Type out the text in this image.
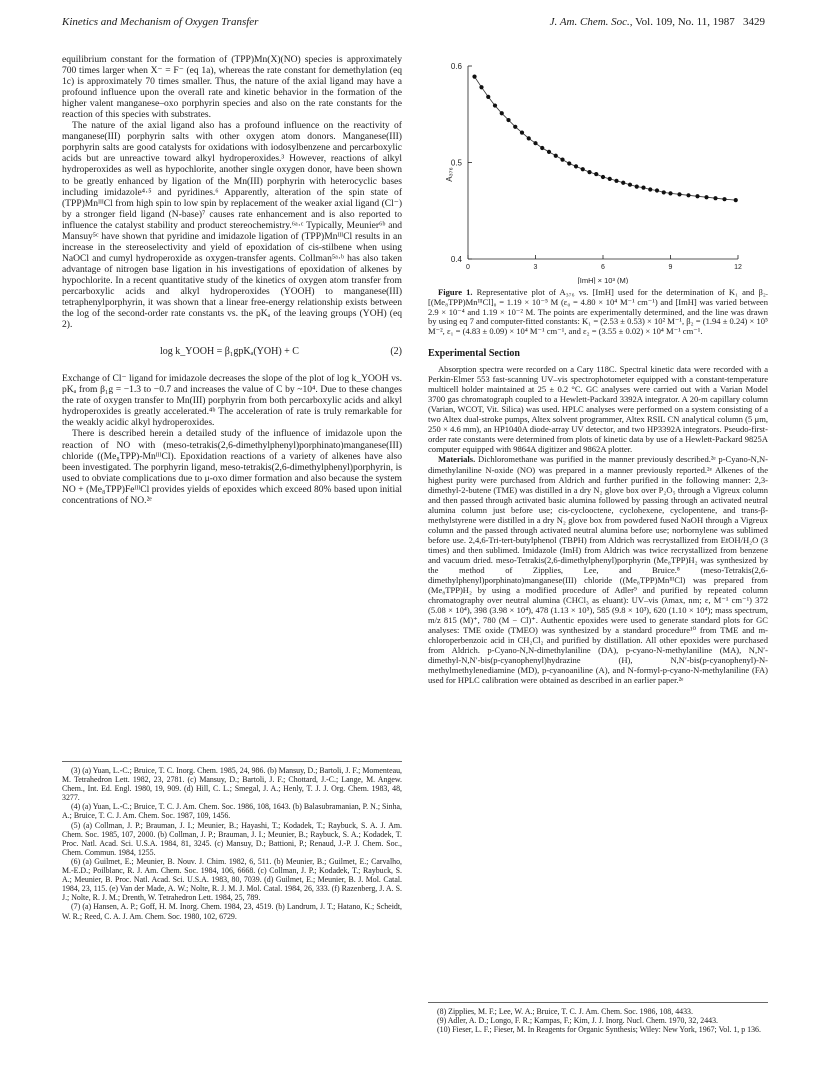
Kinetics and Mechanism of Oxygen Transfer	J. Am. Chem. Soc., Vol. 109, No. 11, 1987 3429

equilibrium constant for the formation of (TPP)Mn(X)(NO) species is approximately 700 times larger when X⁻ = F⁻ (eq 1a), whereas the rate constant for demethylation (eq 1c) is approximately 70 times smaller. Thus, the nature of the axial ligand may have a profound influence upon the overall rate and kinetic behavior in the formation of the higher valent manganese–oxo porphyrin species and also on the rate constants for the reaction of this species with substrates.

The nature of the axial ligand also has a profound influence on the reactivity of manganese(III) porphyrin salts with other oxygen atom donors. Manganese(III) porphyrin salts are good catalysts for oxidations with iodosylbenzene and percarboxylic acids but are unreactive toward alkyl hydroperoxides.³ However, reactions of alkyl hydroperoxides as well as hypochlorite, another single oxygen donor, have been shown to be greatly enhanced by ligation of the Mn(III) porphyrin with heterocyclic bases including imidazole⁴·⁵ and pyridines.⁶ Apparently, alteration of the spin state of (TPP)MnᴵᴵᴵCl from high spin to low spin by replacement of the weaker axial ligand (Cl⁻) by a stronger field ligand (N-base)⁷ causes rate enhancement and is also reported to influence the catalyst stability and product stereochemistry.⁶ᵃ·ᶜ Typically, Meunier⁶ᵇ and Mansuy⁵ᶜ have shown that pyridine and imidazole ligation of (TPP)MnᴵᴵᴵCl results in an increase in the stereoselectivity and yield of epoxidation of cis-stilbene when using NaOCl and cumyl hydroperoxide as oxygen-transfer agents. Collman⁵ᵃ·ᵇ has also taken advantage of nitrogen base ligation in his investigations of epoxidation of alkenes by hypochlorite. In a recent quantitative study of the kinetics of oxygen atom transfer from percarboxylic acids and alkyl hydroperoxides (YOOH) to manganese(III) tetraphenylporphyrin, it was shown that a linear free-energy relationship exists between the log of the second-order rate constants vs. the pKₐ of the leaving groups (YOH) (eq 2).

log k_YOOH = β₁gpKₐ(YOH) + C	(2)

Exchange of Cl⁻ ligand for imidazole decreases the slope of the plot of log k_YOOH vs. pKₐ from β₁g = −1.3 to −0.7 and increases the value of C by ~10⁴. Due to these changes the rate of oxygen transfer to Mn(III) porphyrin from both percarboxylic acids and alkyl hydroperoxides is greatly accelerated.⁴ᵇ The acceleration of rate is truly remarkable for the weakly acidic alkyl hydroperoxides.

There is described herein a detailed study of the influence of imidazole upon the reaction of NO with (meso-tetrakis(2,6-dimethylphenyl)porphinato)manganese(III) chloride ((Me₈TPP)-MnᴵᴵᴵCl). Epoxidation reactions of a variety of alkenes have also been investigated. The porphyrin ligand, meso-tetrakis(2,6-dimethylphenyl)porphyrin, is used to obviate complications due to μ-oxo dimer formation and also because the system NO + (Me₈TPP)FeᴵᴵᴵCl provides yields of epoxides which exceed 80% based upon initial concentrations of NO.²ᵉ

(3) (a) Yuan, L.-C.; Bruice, T. C. Inorg. Chem. 1985, 24, 986. (b) Mansuy, D.; Bartoli, J. F.; Momenteau, M. Tetrahedron Lett. 1982, 23, 2781. (c) Mansuy, D.; Bartoli, J. F.; Chottard, J.-C.; Lange, M. Angew. Chem., Int. Ed. Engl. 1980, 19, 909. (d) Hill, C. L.; Smegal, J. A.; Henly, T. J. J. Org. Chem. 1983, 48, 3277.

(4) (a) Yuan, L.-C.; Bruice, T. C. J. Am. Chem. Soc. 1986, 108, 1643. (b) Balasubramanian, P. N.; Sinha, A.; Bruice, T. C. J. Am. Chem. Soc. 1987, 109, 1456.

(5) (a) Collman, J. P.; Brauman, J. I.; Meunier, B.; Hayashi, T.; Kodadek, T.; Raybuck, S. A. J. Am. Chem. Soc. 1985, 107, 2000. (b) Collman, J. P.; Brauman, J. I.; Meunier, B.; Raybuck, S. A.; Kodadek, T. Proc. Natl. Acad. Sci. U.S.A. 1984, 81, 3245. (c) Mansuy, D.; Battioni, P.; Renaud, J.-P. J. Chem. Soc., Chem. Commun. 1984, 1255.

(6) (a) Guilmet, E.; Meunier, B. Nouv. J. Chim. 1982, 6, 511. (b) Meunier, B.; Guilmet, E.; Carvalho, M.-E.D.; Poilblanc, R. J. Am. Chem. Soc. 1984, 106, 6668. (c) Collman, J. P.; Kodadek, T.; Raybuck, S. A.; Meunier, B. Proc. Natl. Acad. Sci. U.S.A. 1983, 80, 7039. (d) Guilmet, E.; Meunier, B. J. Mol. Catal. 1984, 23, 115. (e) Van der Made, A. W.; Nolte, R. J. M. J. Mol. Catal. 1984, 26, 333. (f) Razenberg, J. A. S. J.; Nolte, R. J. M.; Drenth, W. Tetrahedron Lett. 1984, 25, 789.

(7) (a) Hansen, A. P.; Goff, H. M. Inorg. Chem. 1984, 23, 4519. (b) Landrum, J. T.; Hatano, K.; Scheidt, W. R.; Reed, C. A. J. Am. Chem. Soc. 1980, 102, 6729.

0.4
0.5
0.6
0	3	6	9	12
[ImH] × 10³ (M)
A₃₇₆

Figure 1. Representative plot of A₃₇₆ vs. [ImH] used for the determination of K₁ and β₂. [(Me₈TPP)MnᴵᴵᴵCl]₀ = 1.19 × 10⁻⁵ M (ε₀ = 4.80 × 10⁴ M⁻¹ cm⁻¹) and [ImH] was varied between 2.9 × 10⁻⁴ and 1.19 × 10⁻² M. The points are experimentally determined, and the line was drawn by using eq 7 and computer-fitted constants: K₁ = (2.53 ± 0.53) × 10² M⁻¹, β₂ = (1.94 ± 0.24) × 10⁵ M⁻², ε₁ = (4.83 ± 0.09) × 10⁴ M⁻¹ cm⁻¹, and ε₂ = (3.55 ± 0.02) × 10⁴ M⁻¹ cm⁻¹.

Experimental Section

Absorption spectra were recorded on a Cary 118C. Spectral kinetic data were recorded with a Perkin-Elmer 553 fast-scanning UV–vis spectrophotometer equipped with a constant-temperature multicell holder maintained at 25 ± 0.2 °C. GC analyses were carried out with a Varian Model 3700 gas chromatograph coupled to a Hewlett-Packard 3392A integrator. A 20-m capillary column (Varian, WCOT, Vit. Silica) was used. HPLC analyses were performed on a system consisting of a two Altex dual-stroke pumps, Altex solvent programmer, Altex RSIL CN analytical column (5 μm, 250 × 4.6 mm), an HP1040A diode-array UV detector, and two HP3392A integrators. Pseudo-first-order rate constants were determined from plots of kinetic data by use of a Hewlett-Packard 9825A computer equipped with 9864A digitizer and 9862A plotter.

Materials. Dichloromethane was purified in the manner previously described.²ᵉ p-Cyano-N,N-dimethylaniline N-oxide (NO) was prepared in a manner previously reported.²ᵉ Alkenes of the highest purity were purchased from Aldrich and further purified in the following manner: 2,3-dimethyl-2-butene (TME) was distilled in a dry N₂ glove box over P₂O₅ through a Vigreux column and then passed through activated basic alumina followed by passing through an activated neutral alumina column just before use; cis-cyclooctene, cyclohexene, cyclopentene, and trans-β-methylstyrene were distilled in a dry N₂ glove box from powdered fused NaOH through a Vigreux column and the passed through activated neutral alumina before use; norbornylene was sublimed before use. 2,4,6-Tri-tert-butylphenol (TBPH) from Aldrich was recrystallized from EtOH/H₂O (3 times) and then sublimed. Imidazole (ImH) from Aldrich was twice recrystallized from benzene and vacuum dried. meso-Tetrakis(2,6-dimethylphenyl)porphyrin (Me₈TPP)H₂ was synthesized by the method of Zipplies, Lee, and Bruice.⁸ (meso-Tetrakis(2,6-dimethylphenyl)porphinato)manganese(III) chloride ((Me₈TPP)MnᴵᴵᴵCl) was prepared from (Me₈TPP)H₂ by using a modified procedure of Adler⁹ and purified by repeated column chromatography over neutral alumina (CHCl₃ as eluant): UV–vis (λmax, nm; ε, M⁻¹ cm⁻¹) 372 (5.08 × 10⁴), 398 (3.98 × 10⁴), 478 (1.13 × 10⁵), 585 (9.8 × 10³), 620 (1.10 × 10⁴); mass spectrum, m/z 815 (M)⁺, 780 (M − Cl)⁺. Authentic epoxides were used to generate standard plots for GC analyses: TME oxide (TMEO) was synthesized by a standard procedure¹⁰ from TME and m-chloroperbenzoic acid in CH₂Cl₂ and purified by distillation. All other epoxides were purchased from Aldrich. p-Cyano-N,N-dimethylaniline (DA), p-cyano-N-methylaniline (MA), N,N′-dimethyl-N,N′-bis(p-cyanophenyl)hydrazine (H), N,N′-bis(p-cyanophenyl)-N-methylmethylenediamine (MD), p-cyanoaniline (A), and N-formyl-p-cyano-N-methylaniline (FA) used for HPLC calibration were obtained as described in an earlier paper.²ᵉ

(8) Zipplies, M. F.; Lee, W. A.; Bruice, T. C. J. Am. Chem. Soc. 1986, 108, 4433.

(9) Adler, A. D.; Longo, F. R.; Kampas, F.; Kim, J. J. Inorg. Nucl. Chem. 1970, 32, 2443.

(10) Fieser, L. F.; Fieser, M. In Reagents for Organic Synthesis; Wiley: New York, 1967; Vol. 1, p 136.
